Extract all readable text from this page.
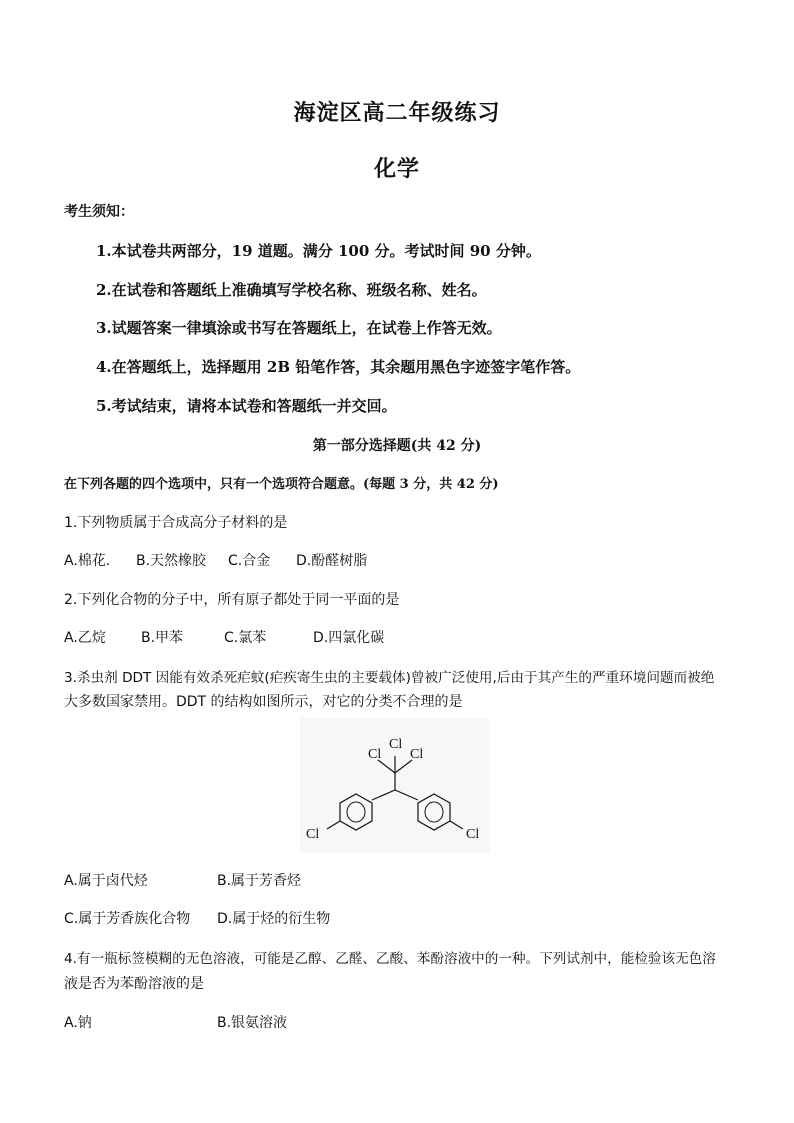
海淀区高二年级练习
化学
考生须知：
1.本试卷共两部分，19 道题。满分 100 分。考试时间 90 分钟。
2.在试卷和答题纸上准确填写学校名称、班级名称、姓名。
3.试题答案一律填涂或书写在答题纸上，在试卷上作答无效。
4.在答题纸上，选择题用 2B 铅笔作答，其余题用黑色字迹签字笔作答。
5.考试结束，请将本试卷和答题纸一并交回。
第一部分选择题(共 42 分)
在下列各题的四个选项中，只有一个选项符合题意。(每题 3 分，共 42 分)
1.下列物质属于合成高分子材料的是
A.棉花. B.天然橡胶 C.合金 D.酚醛树脂
2.下列化合物的分子中，所有原子都处于同一平面的是
A.乙烷	B.甲苯	C.氯苯	D.四氯化碳
3.杀虫剂 DDT 因能有效杀死疟蚊(疟疾寄生虫的主要载体)曾被广泛使用,后由于其产生的严重环境问题而被绝
大多数国家禁用。DDT 的结构如图所示，对它的分类不合理的是
Cl
Cl
Cl
Cl	Cl
A.属于卤代烃	B.属于芳香烃
C.属于芳香族化合物 D.属于烃的衍生物
4.有一瓶标签模糊的无色溶液，可能是乙醇、乙醛、乙酸、苯酚溶液中的一种。下列试剂中，能检验该无色溶
液是否为苯酚溶液的是
A.钠	B.银氨溶液
